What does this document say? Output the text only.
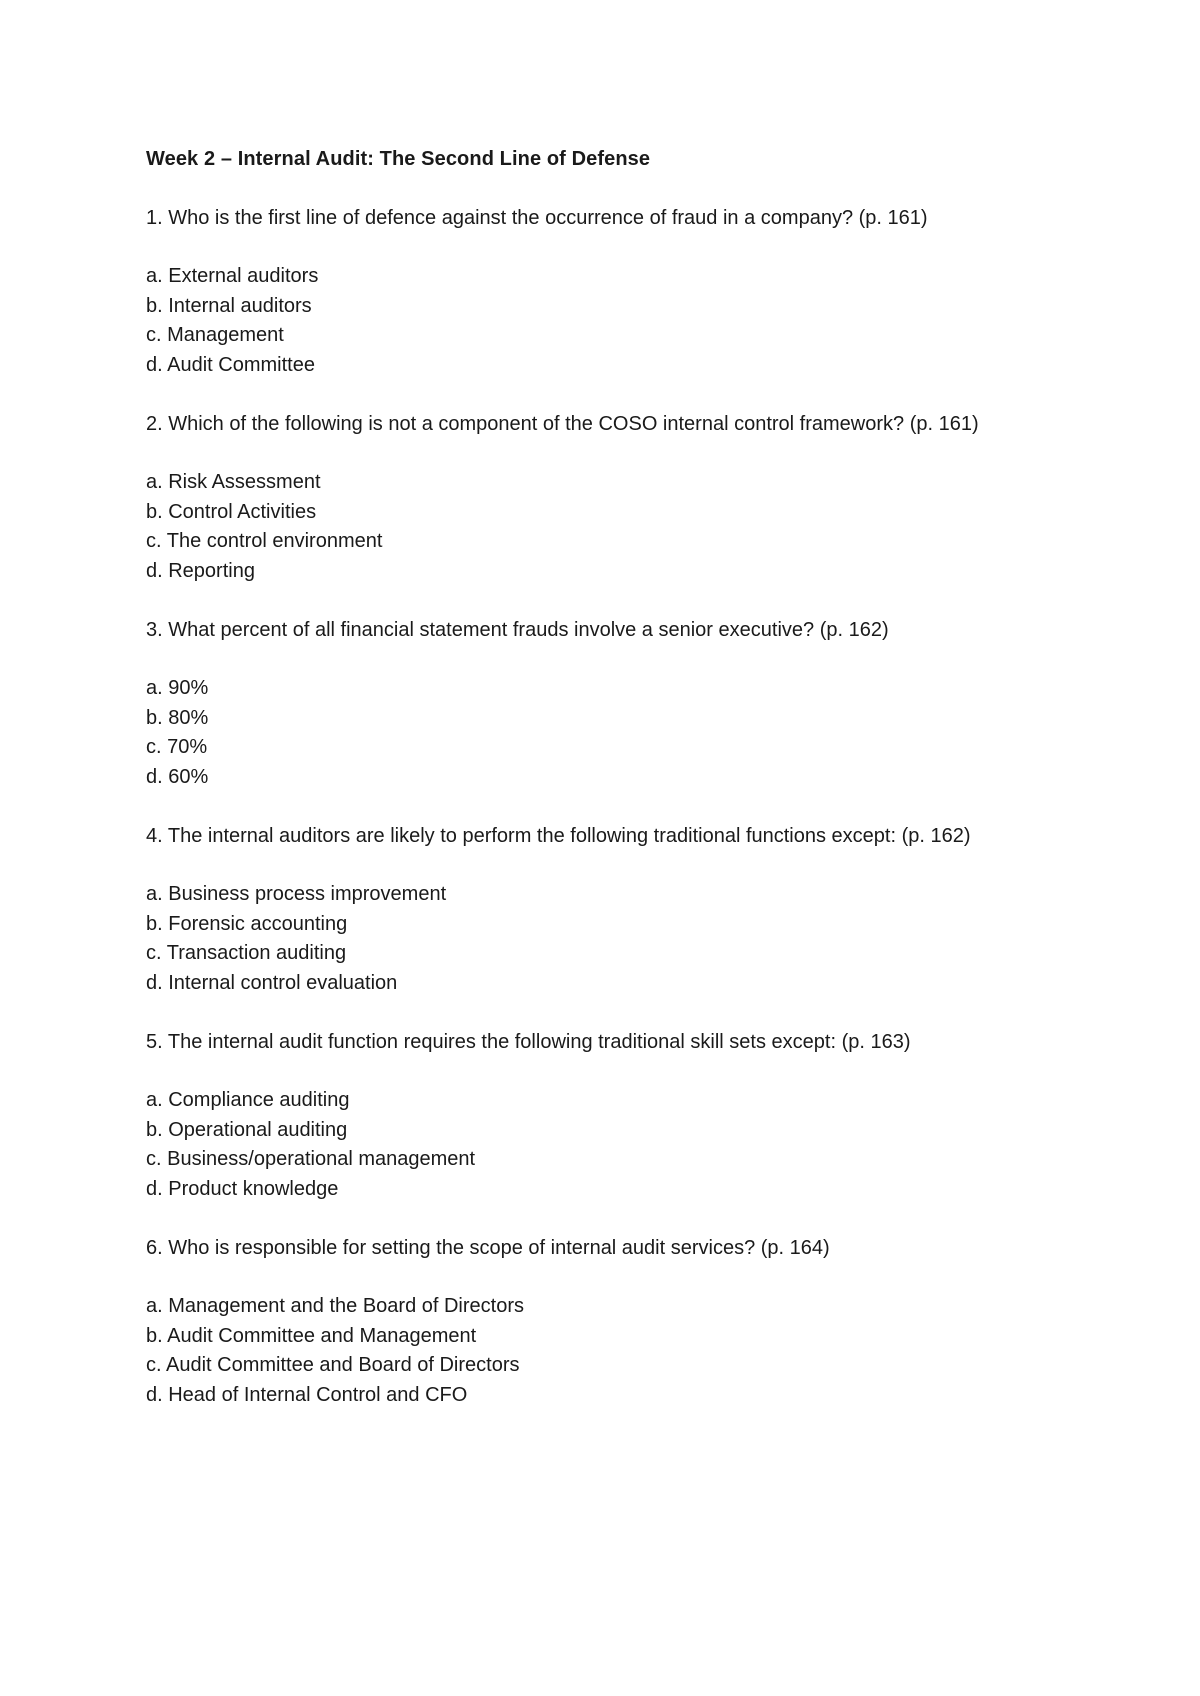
Week 2 – Internal Audit: The Second Line of Defense
1. Who is the first line of defence against the occurrence of fraud in a company? (p. 161)
a. External auditors
b. Internal auditors
c. Management
d. Audit Committee
2. Which of the following is not a component of the COSO internal control framework? (p. 161)
a. Risk Assessment
b. Control Activities
c. The control environment
d. Reporting
3. What percent of all financial statement frauds involve a senior executive? (p. 162)
a. 90%
b. 80%
c. 70%
d. 60%
4. The internal auditors are likely to perform the following traditional functions except: (p. 162)
a. Business process improvement
b. Forensic accounting
c. Transaction auditing
d. Internal control evaluation
5. The internal audit function requires the following traditional skill sets except: (p. 163)
a. Compliance auditing
b. Operational auditing
c. Business/operational management
d. Product knowledge
6. Who is responsible for setting the scope of internal audit services? (p. 164)
a. Management and the Board of Directors
b. Audit Committee and Management
c. Audit Committee and Board of Directors
d. Head of Internal Control and CFO
